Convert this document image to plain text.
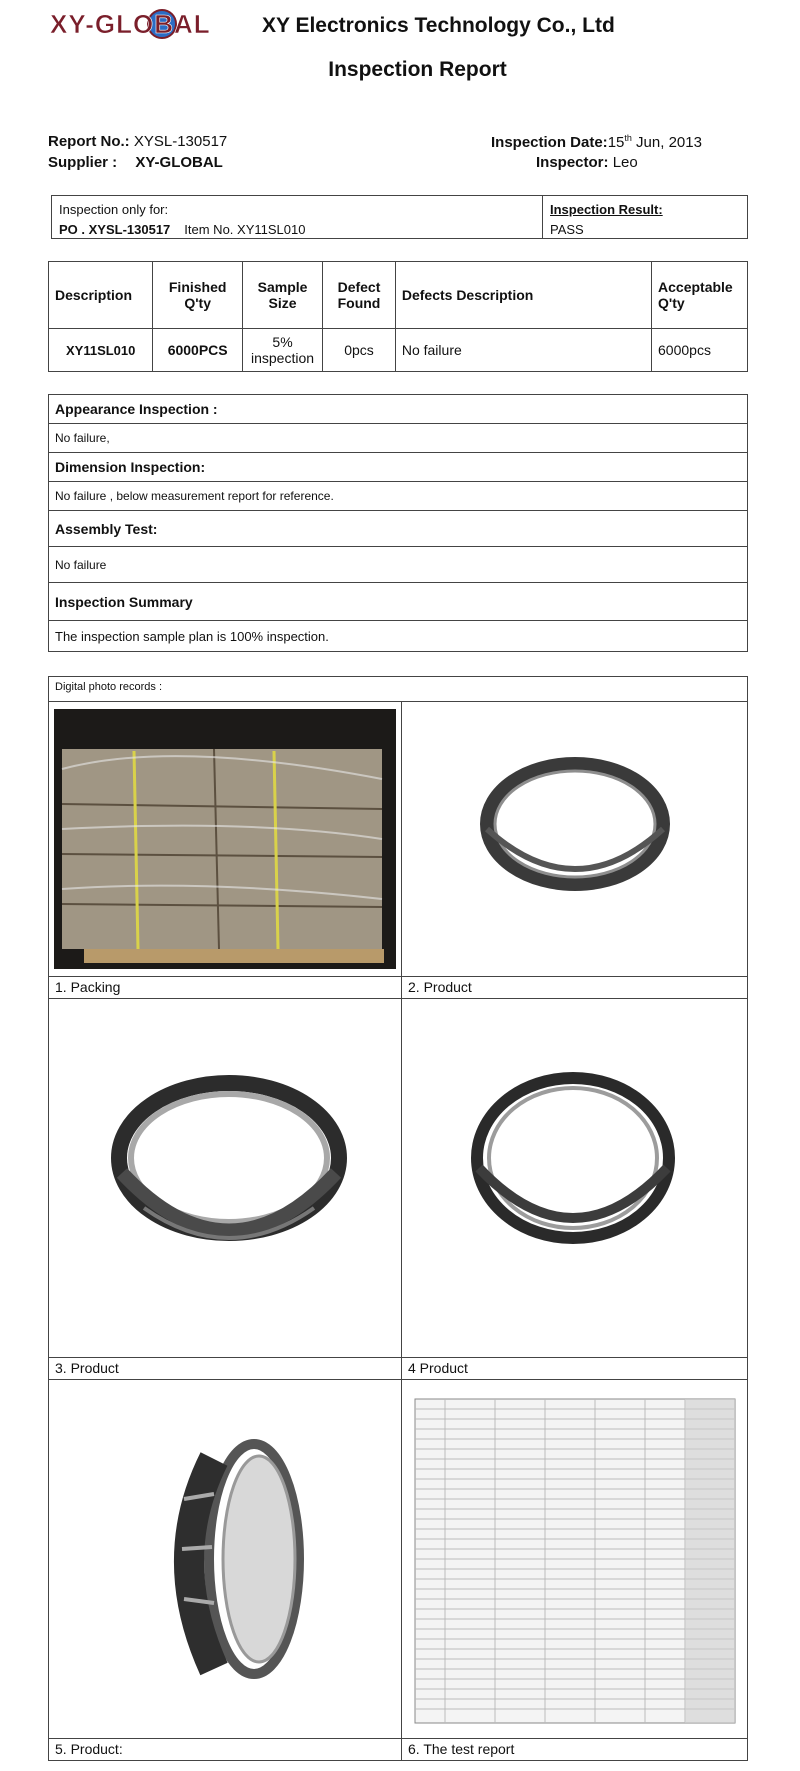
XY-GLOBAL XY Electronics Technology Co., Ltd
Inspection Report
Report No.: XYSL-130517
Supplier : XY-GLOBAL
Inspection Date:15th Jun, 2013
Inspector: Leo
Inspection only for:
PO . XYSL-130517 Item No. XY11SL010
Inspection Result:
PASS
Description	Finished Q'ty	Sample Size	Defect Found	Defects Description	Acceptable Q'ty
XY11SL010	6000PCS	5% inspection	0pcs	No failure	6000pcs
Appearance Inspection :
No failure,
Dimension Inspection:
No failure , below measurement report for reference.
Assembly Test:
No failure
Inspection Summary
The inspection sample plan is 100% inspection.
Digital photo records :
1. Packing	2. Product
3. Product	4 Product
5. Product:	6. The test report
